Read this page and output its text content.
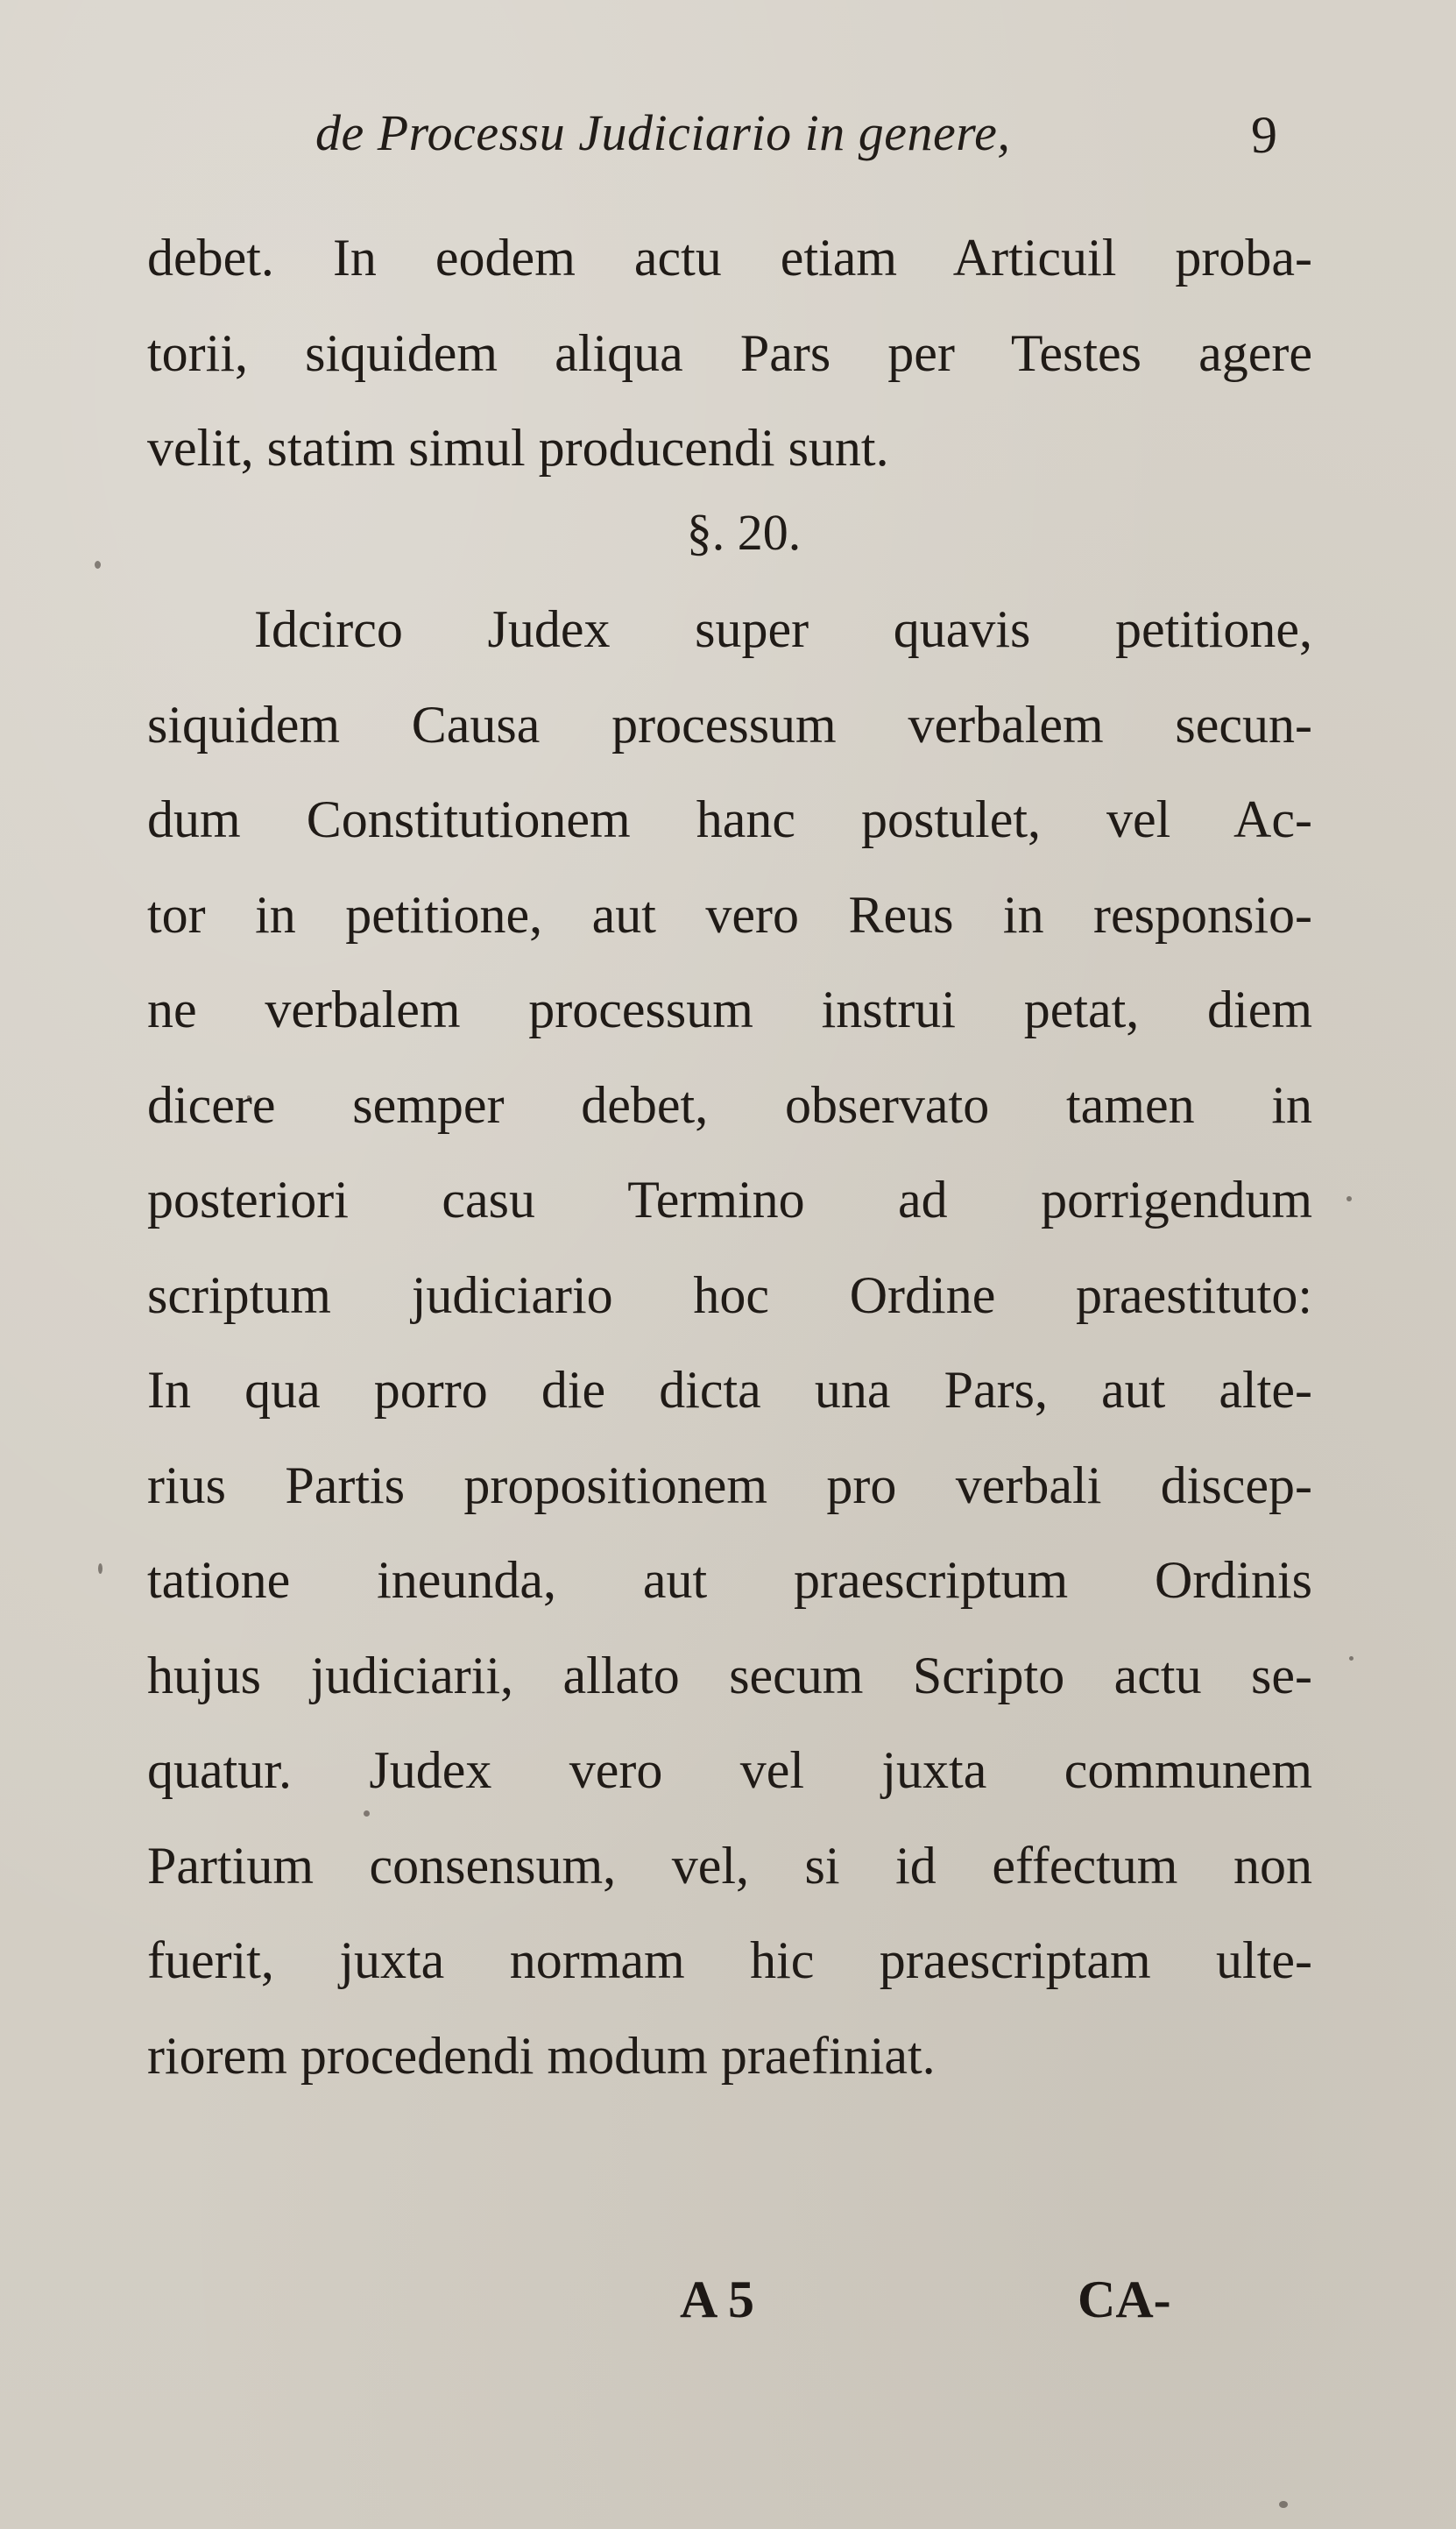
de Processu Judiciario in genere,	9
debet. In eodem actu etiam Articuil proba-
torii, siquidem aliqua Pars per Testes agere
velit, statim simul producendi sunt.
§. 20.
Idcirco Judex super quavis petitione,
siquidem Causa processum verbalem secun-
dum Constitutionem hanc postulet, vel Ac-
tor in petitione, aut vero Reus in responsio-
ne verbalem processum instrui petat, diem
dicere semper debet, observato tamen in
posteriori casu Termino ad porrigendum
scriptum judiciario hoc Ordine praestituto:
In qua porro die dicta una Pars, aut alte-
rius Partis propositionem pro verbali discep-
tatione ineunda, aut praescriptum Ordinis
hujus judiciarii, allato secum Scripto actu se-
quatur. Judex vero vel juxta communem
Partium consensum, vel, si id effectum non
fuerit, juxta normam hic praescriptam ulte-
riorem procedendi modum praefiniat.
A 5	CA-
